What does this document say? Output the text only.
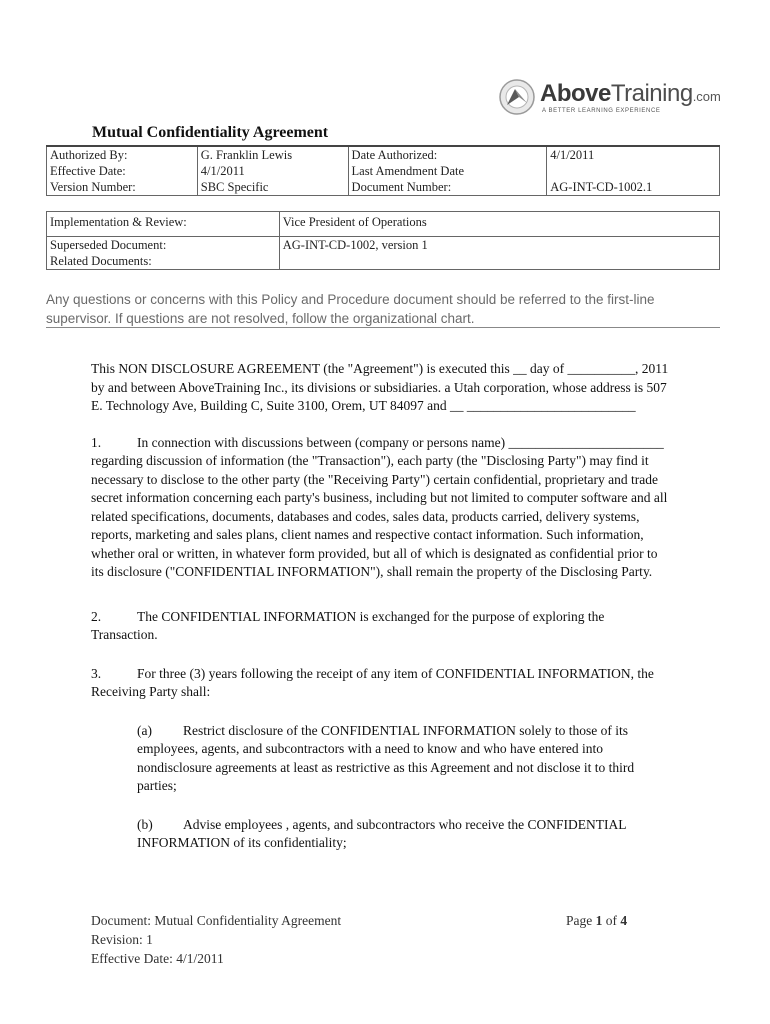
AboveTraining.com
A BETTER LEARNING EXPERIENCE
Mutual Confidentiality Agreement
Authorized By:	G. Franklin Lewis	Date Authorized:	4/1/2011
Effective Date:	4/1/2011	Last Amendment Date	
Version Number:	SBC Specific	Document Number:	AG-INT-CD-1002.1
Implementation & Review:	Vice President of Operations
Superseded Document:	AG-INT-CD-1002, version 1
Related Documents:	
Any questions or concerns with this Policy and Procedure document should be referred to the first-line supervisor. If questions are not resolved, follow the organizational chart.

This NON DISCLOSURE AGREEMENT (the "Agreement") is executed this __ day of __________, 2011 by and between AboveTraining Inc., its divisions or subsidiaries. a Utah corporation, whose address is 507 E. Technology Ave, Building C, Suite 3100, Orem, UT 84097 and __ _________________________

1.	In connection with discussions between (company or persons name) _______________________ regarding discussion of information (the "Transaction"), each party (the "Disclosing Party") may find it necessary to disclose to the other party (the "Receiving Party") certain confidential, proprietary and trade secret information concerning each party's business, including but not limited to computer software and all related specifications, documents, databases and codes, sales data, products carried, delivery systems, reports, marketing and sales plans, client names and respective contact information. Such information, whether oral or written, in whatever form provided, but all of which is designated as confidential prior to its disclosure ("CONFIDENTIAL INFORMATION"), shall remain the property of the Disclosing Party.

2.	The CONFIDENTIAL INFORMATION is exchanged for the purpose of exploring the Transaction.

3.	For three (3) years following the receipt of any item of CONFIDENTIAL INFORMATION, the Receiving Party shall:

(a) Restrict disclosure of the CONFIDENTIAL INFORMATION solely to those of its employees, agents, and subcontractors with a need to know and who have entered into nondisclosure agreements at least as restrictive as this Agreement and not disclose it to third parties;

(b) Advise employees , agents, and subcontractors who receive the CONFIDENTIAL INFORMATION of its confidentiality;

Document: Mutual Confidentiality Agreement
Revision: 1
Effective Date: 4/1/2011
Page 1 of 4
